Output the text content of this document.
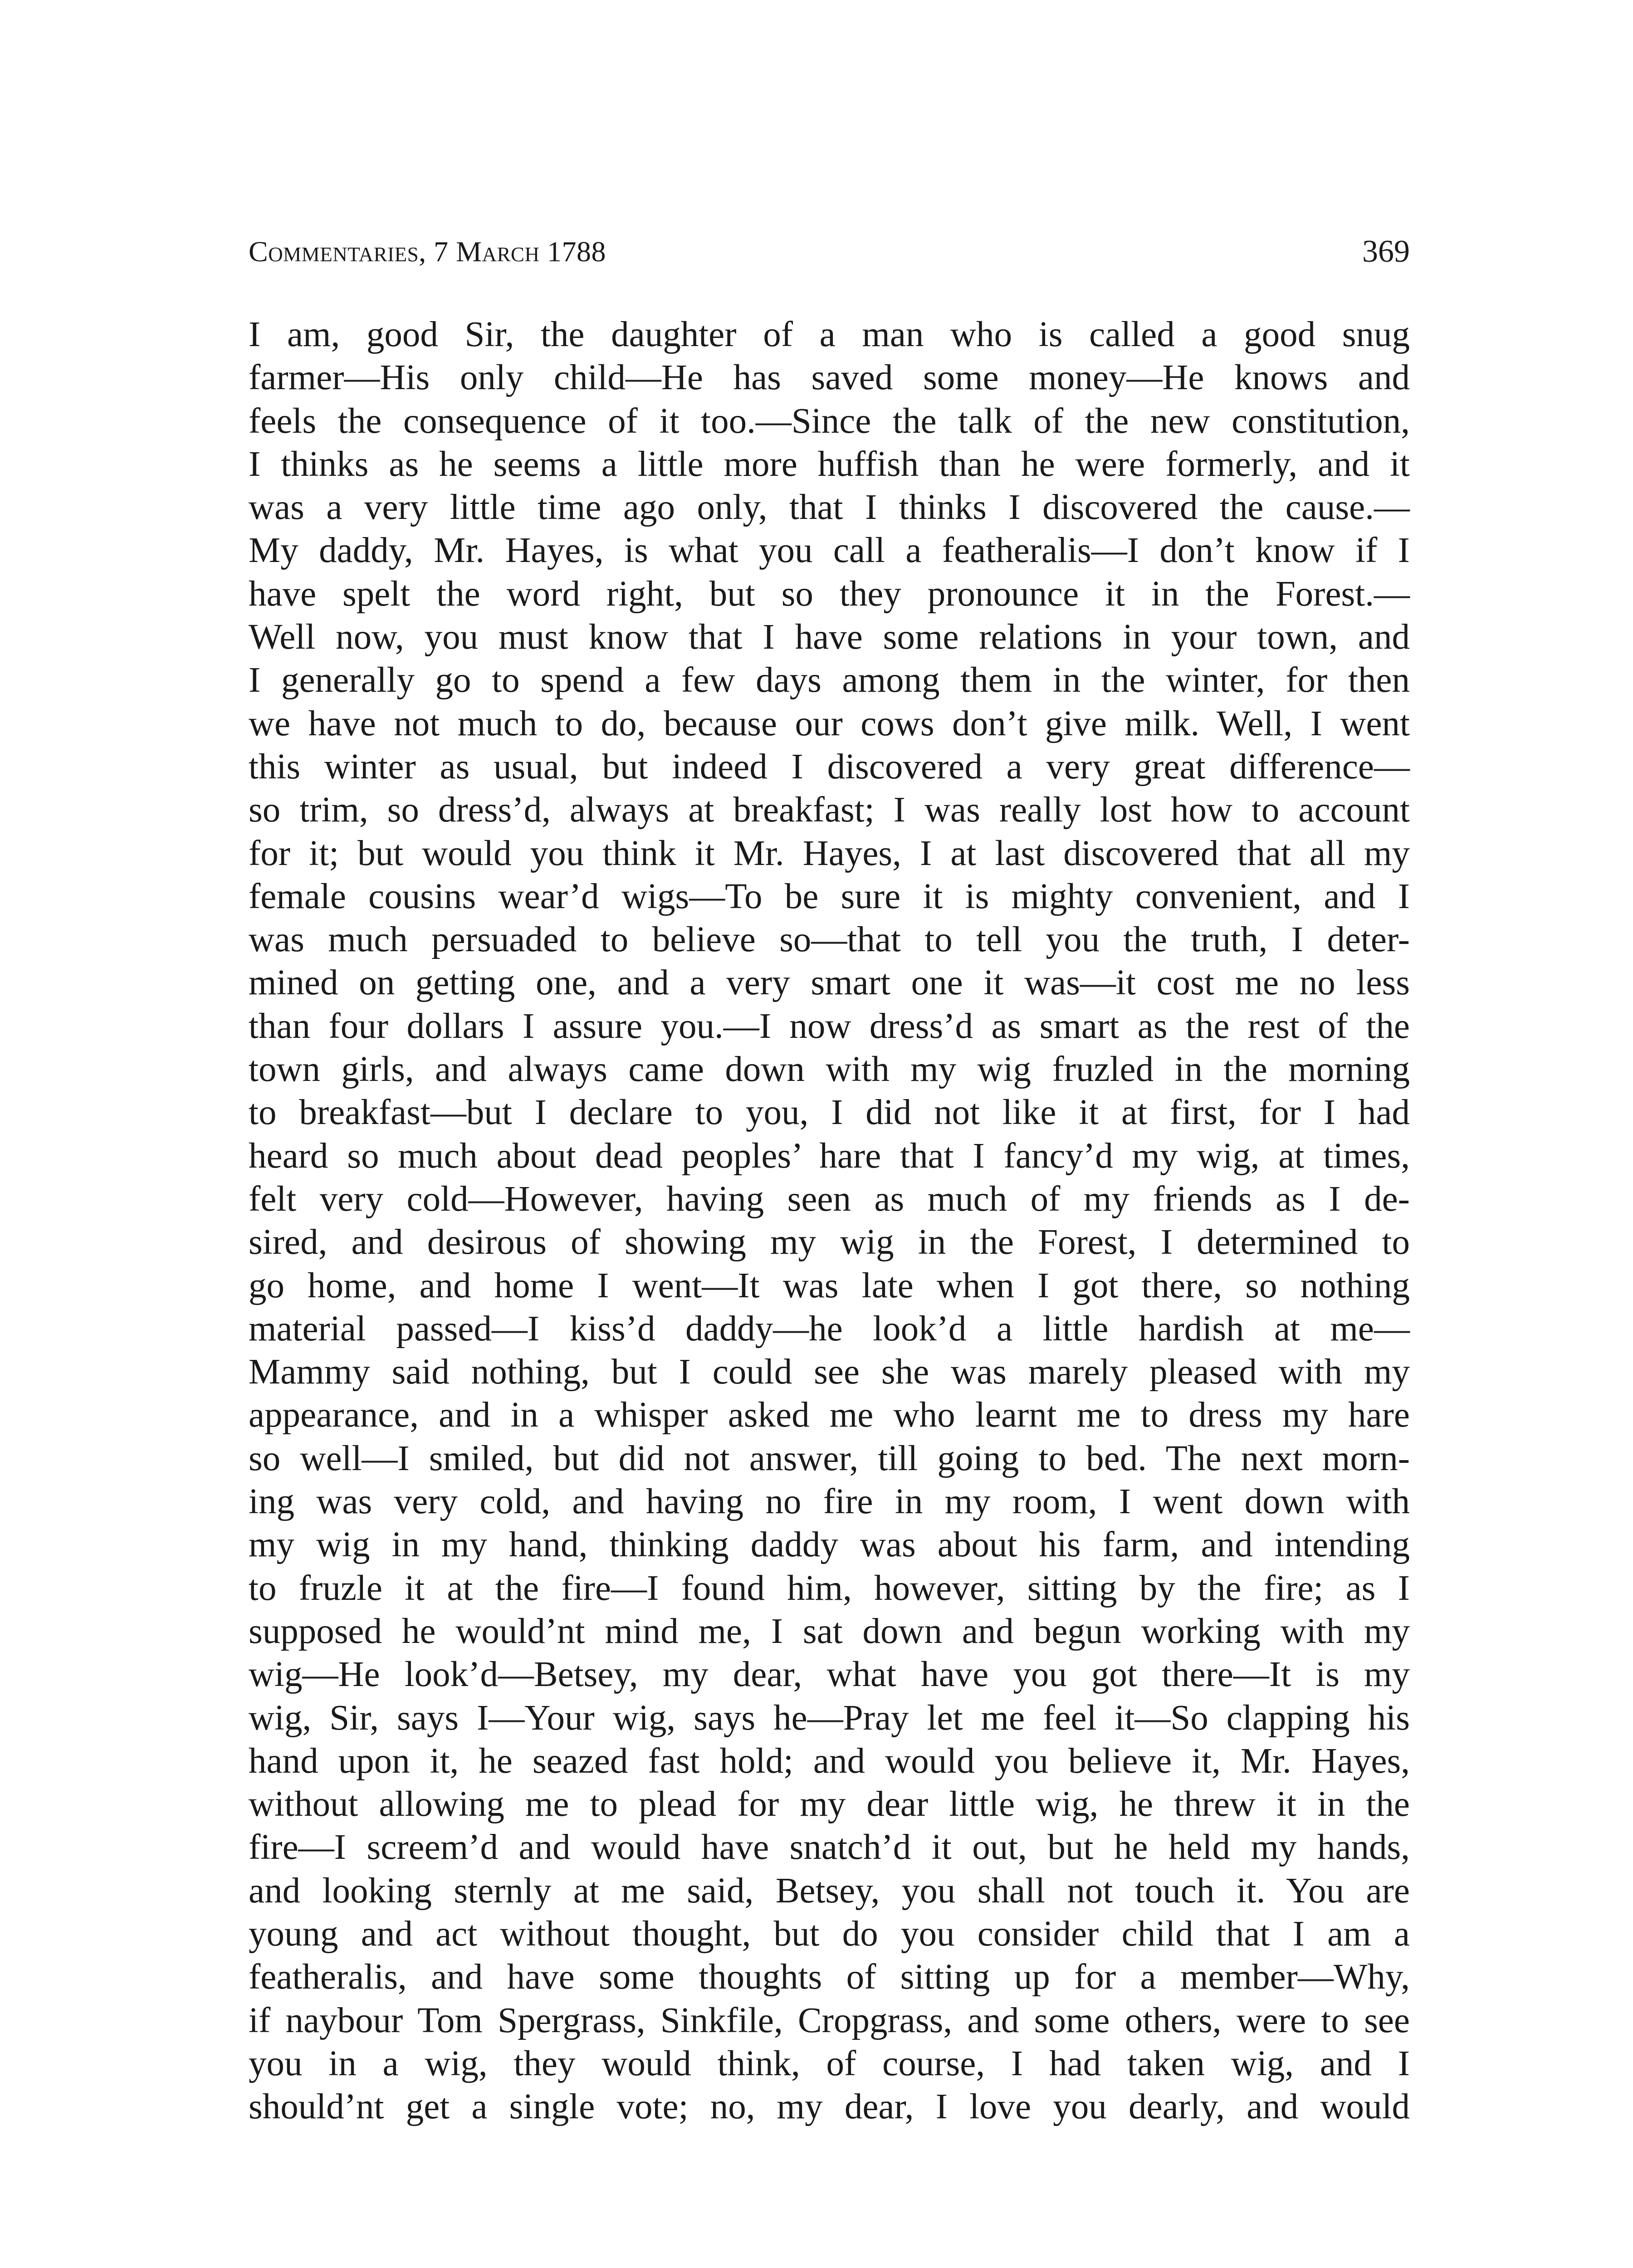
Commentaries, 7 March 1788	369
I am, good Sir, the daughter of a man who is called a good snug
farmer—His only child—He has saved some money—He knows and
feels the consequence of it too.—Since the talk of the new constitution,
I thinks as he seems a little more huffish than he were formerly, and it
was a very little time ago only, that I thinks I discovered the cause.—
My daddy, Mr. Hayes, is what you call a featheralis—I don’t know if I
have spelt the word right, but so they pronounce it in the Forest.—
Well now, you must know that I have some relations in your town, and
I generally go to spend a few days among them in the winter, for then
we have not much to do, because our cows don’t give milk. Well, I went
this winter as usual, but indeed I discovered a very great difference—
so trim, so dress’d, always at breakfast; I was really lost how to account
for it; but would you think it Mr. Hayes, I at last discovered that all my
female cousins wear’d wigs—To be sure it is mighty convenient, and I
was much persuaded to believe so—that to tell you the truth, I deter-
mined on getting one, and a very smart one it was—it cost me no less
than four dollars I assure you.—I now dress’d as smart as the rest of the
town girls, and always came down with my wig fruzled in the morning
to breakfast—but I declare to you, I did not like it at first, for I had
heard so much about dead peoples’ hare that I fancy’d my wig, at times,
felt very cold—However, having seen as much of my friends as I de-
sired, and desirous of showing my wig in the Forest, I determined to
go home, and home I went—It was late when I got there, so nothing
material passed—I kiss’d daddy—he look’d a little hardish at me—
Mammy said nothing, but I could see she was marely pleased with my
appearance, and in a whisper asked me who learnt me to dress my hare
so well—I smiled, but did not answer, till going to bed. The next morn-
ing was very cold, and having no fire in my room, I went down with
my wig in my hand, thinking daddy was about his farm, and intending
to fruzle it at the fire—I found him, however, sitting by the fire; as I
supposed he would’nt mind me, I sat down and begun working with my
wig—He look’d—Betsey, my dear, what have you got there—It is my
wig, Sir, says I—Your wig, says he—Pray let me feel it—So clapping his
hand upon it, he seazed fast hold; and would you believe it, Mr. Hayes,
without allowing me to plead for my dear little wig, he threw it in the
fire—I screem’d and would have snatch’d it out, but he held my hands,
and looking sternly at me said, Betsey, you shall not touch it. You are
young and act without thought, but do you consider child that I am a
featheralis, and have some thoughts of sitting up for a member—Why,
if naybour Tom Spergrass, Sinkfile, Cropgrass, and some others, were to see
you in a wig, they would think, of course, I had taken wig, and I
should’nt get a single vote; no, my dear, I love you dearly, and would
